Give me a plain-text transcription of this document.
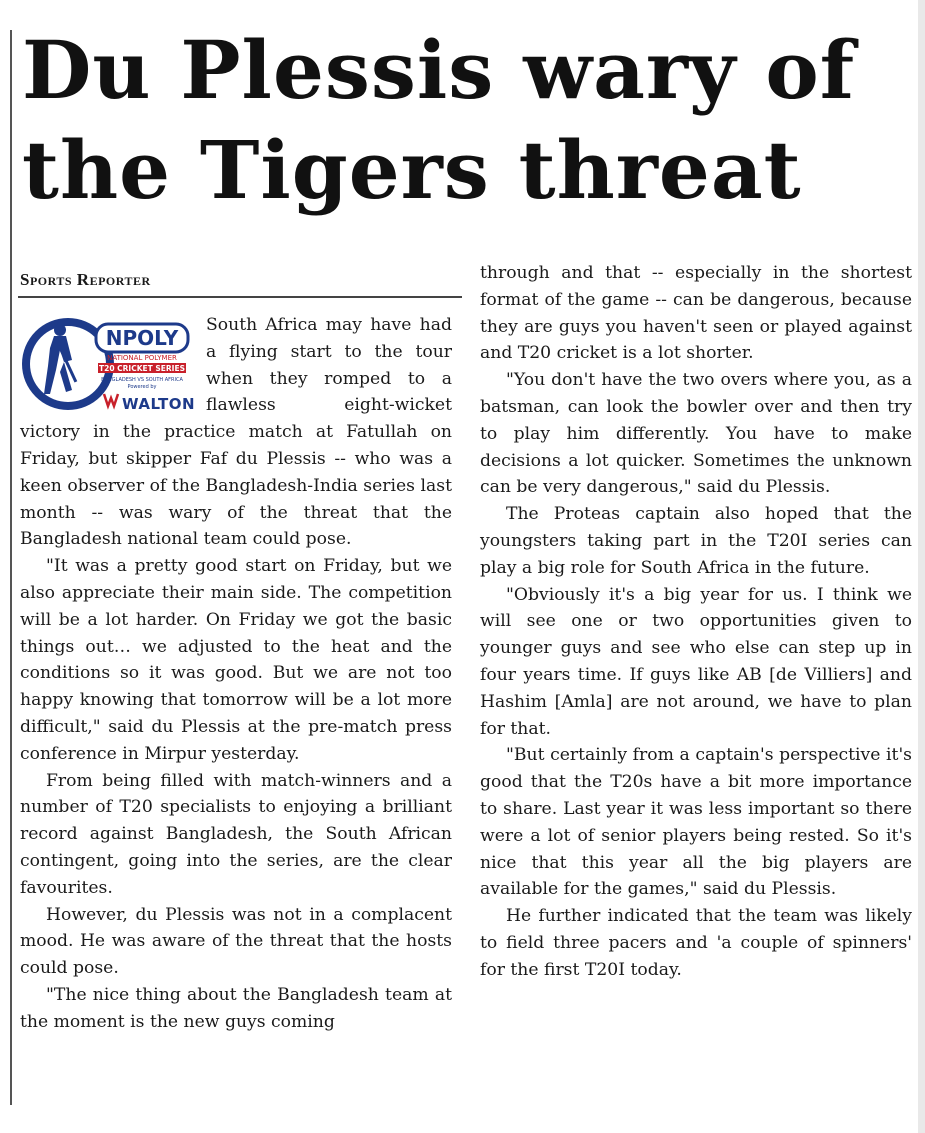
Du Plessis wary of the Tigers threat
Sports Reporter
NPOLY
NATIONAL POLYMER
T20 CRICKET SERIES
BANGLADESH VS SOUTH AFRICA
Powered by
WALTON

South Africa may have had a flying start to the tour when they romped to a flawless eight-wicket victory in the practice match at Fatullah on Friday, but skipper Faf du Plessis -- who was a keen observer of the Bangladesh-India series last month -- was wary of the threat that the Bangladesh national team could pose.

"It was a pretty good start on Friday, but we also appreciate their main side. The competition will be a lot harder. On Friday we got the basic things out… we adjusted to the heat and the conditions so it was good. But we are not too happy knowing that tomorrow will be a lot more difficult," said du Plessis at the pre-match press conference in Mirpur yesterday.

From being filled with match-winners and a number of T20 specialists to enjoying a brilliant record against Bangladesh, the South African contingent, going into the series, are the clear favourites.

However, du Plessis was not in a complacent mood. He was aware of the threat that the hosts could pose.

"The nice thing about the Bangladesh team at the moment is the new guys coming

through and that -- especially in the shortest format of the game -- can be dangerous, because they are guys you haven't seen or played against and T20 cricket is a lot shorter.

"You don't have the two overs where you, as a batsman, can look the bowler over and then try to play him differently. You have to make decisions a lot quicker. Sometimes the unknown can be very dangerous," said du Plessis.

The Proteas captain also hoped that the youngsters taking part in the T20I series can play a big role for South Africa in the future.

"Obviously it's a big year for us. I think we will see one or two opportunities given to younger guys and see who else can step up in four years time. If guys like AB [de Villiers] and Hashim [Amla] are not around, we have to plan for that.

"But certainly from a captain's perspective it's good that the T20s have a bit more importance to share. Last year it was less important so there were a lot of senior players being rested. So it's nice that this year all the big players are available for the games," said du Plessis.

He further indicated that the team was likely to field three pacers and 'a couple of spinners' for the first T20I today.
